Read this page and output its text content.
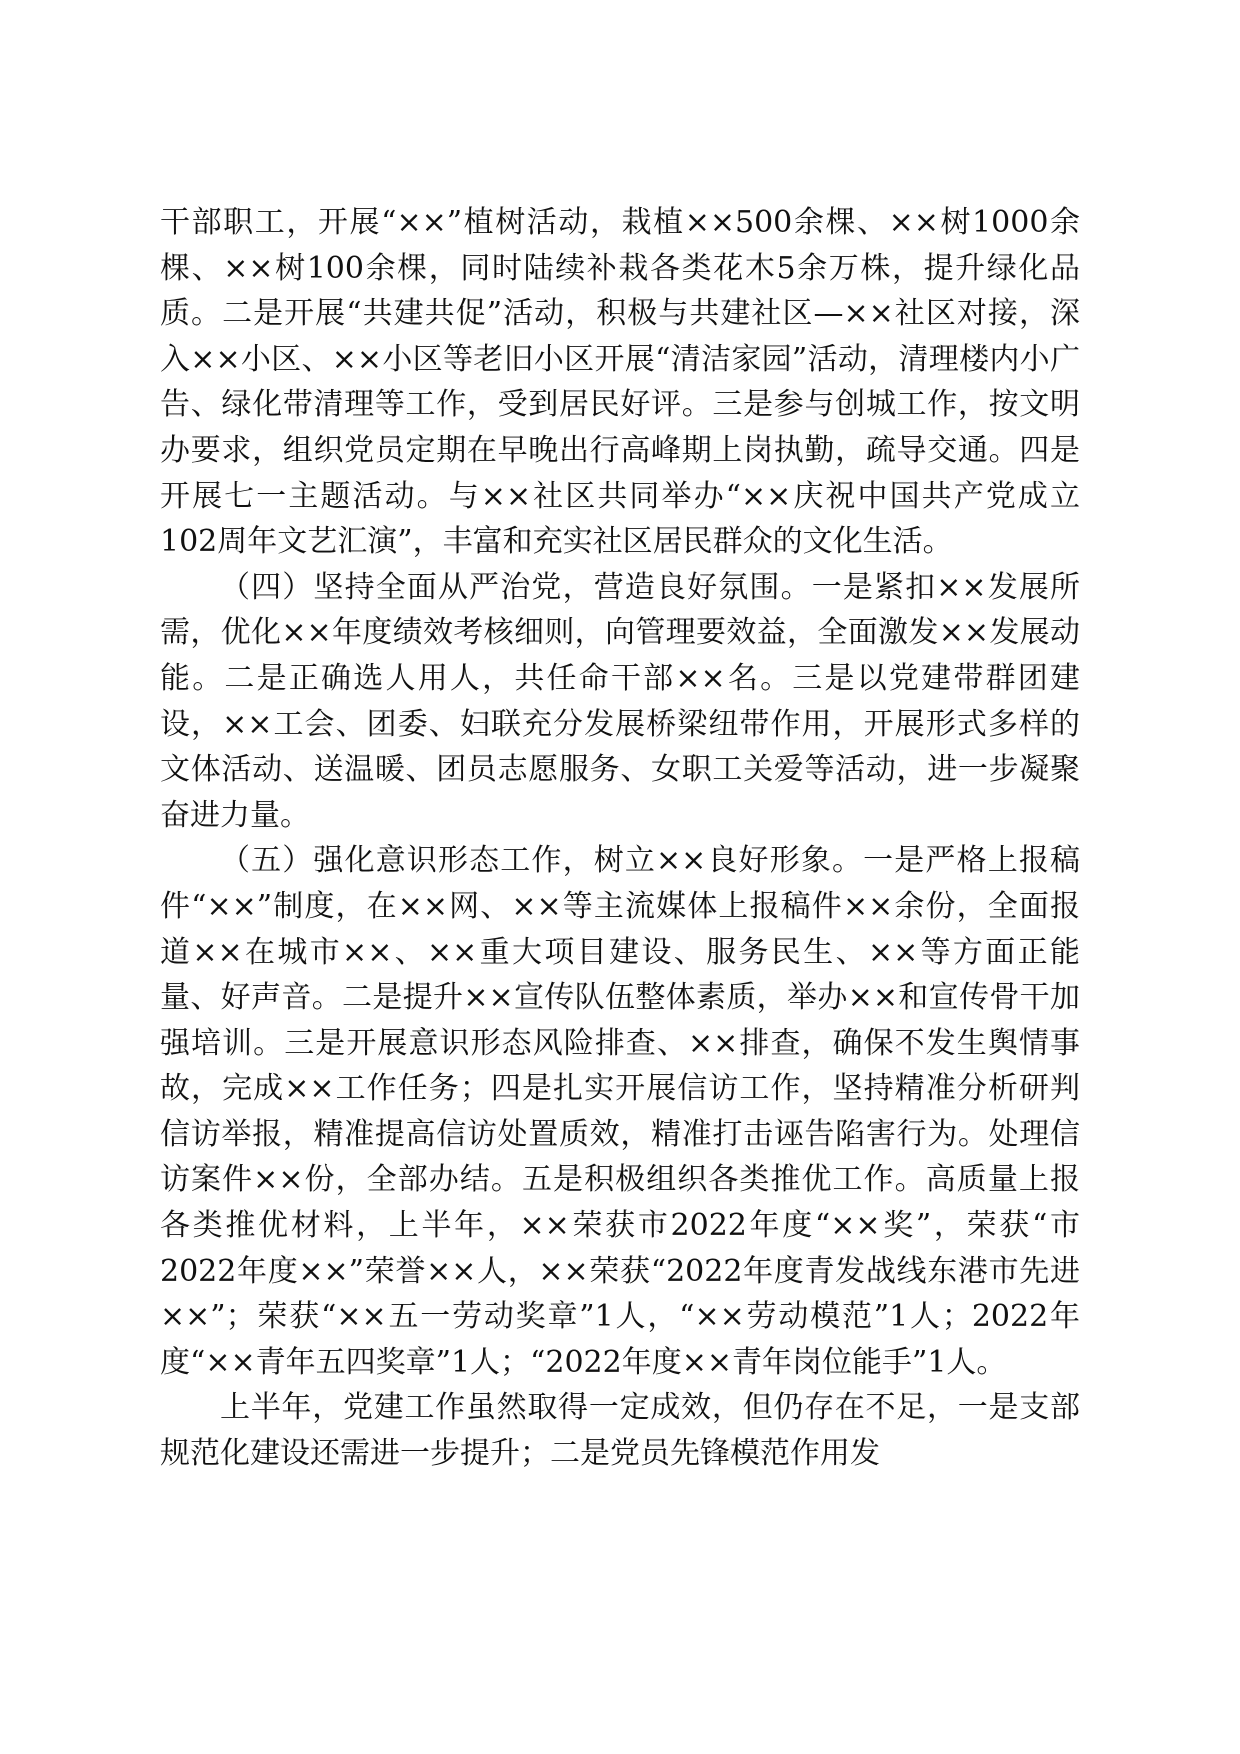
干部职工，开展“××”植树活动，栽植××500余棵、××树1000余棵、××树100余棵，同时陆续补栽各类花木5余万株，提升绿化品质。二是开展“共建共促”活动，积极与共建社区—××社区对接，深入××小区、××小区等老旧小区开展“清洁家园”活动，清理楼内小广告、绿化带清理等工作，受到居民好评。三是参与创城工作，按文明办要求，组织党员定期在早晚出行高峰期上岗执勤，疏导交通。四是开展七一主题活动。与××社区共同举办“××庆祝中国共产党成立102周年文艺汇演”，丰富和充实社区居民群众的文化生活。

（四）坚持全面从严治党，营造良好氛围。一是紧扣××发展所需，优化××年度绩效考核细则，向管理要效益，全面激发××发展动能。二是正确选人用人，共任命干部××名。三是以党建带群团建设，××工会、团委、妇联充分发展桥梁纽带作用，开展形式多样的文体活动、送温暖、团员志愿服务、女职工关爱等活动，进一步凝聚奋进力量。

（五）强化意识形态工作，树立××良好形象。一是严格上报稿件“××”制度，在××网、××等主流媒体上报稿件××余份，全面报道××在城市××、××重大项目建设、服务民生、××等方面正能量、好声音。二是提升××宣传队伍整体素质，举办××和宣传骨干加强培训。三是开展意识形态风险排查、××排查，确保不发生舆情事故，完成××工作任务；四是扎实开展信访工作，坚持精准分析研判信访举报，精准提高信访处置质效，精准打击诬告陷害行为。处理信访案件××份，全部办结。五是积极组织各类推优工作。高质量上报各类推优材料，上半年，××荣获市2022年度“××奖”，荣获“市2022年度××”荣誉××人，××荣获“2022年度青发战线东港市先进××”；荣获“××五一劳动奖章”1人，“××劳动模范”1人；2022年度“××青年五四奖章”1人；“2022年度××青年岗位能手”1人。

上半年，党建工作虽然取得一定成效，但仍存在不足，一是支部规范化建设还需进一步提升；二是党员先锋模范作用发
